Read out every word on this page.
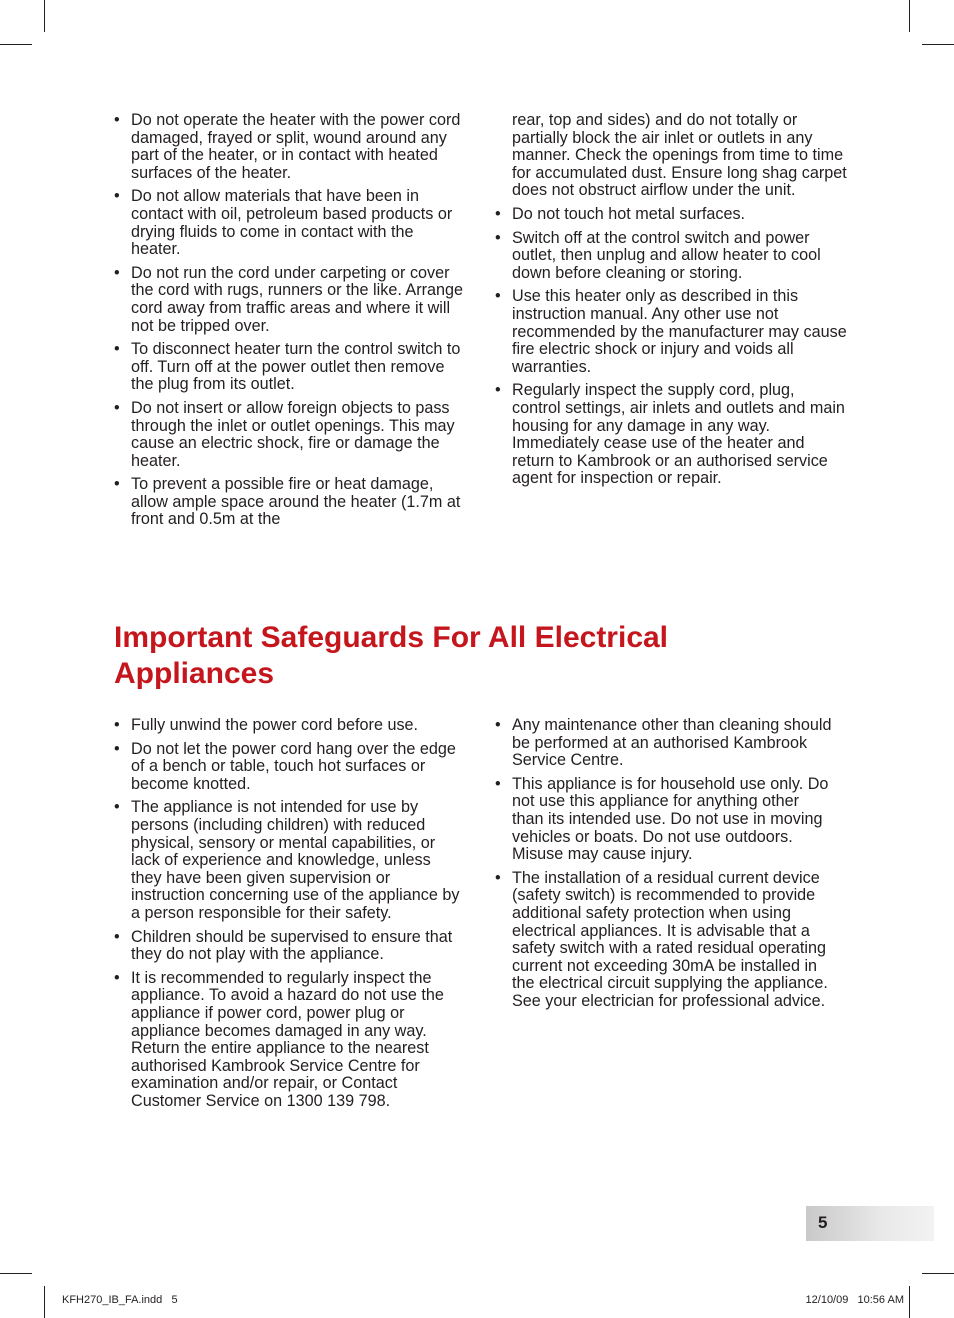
• Do not operate the heater with the power cord damaged, frayed or split, wound around any part of the heater, or in contact with heated surfaces of the heater.
• Do not allow materials that have been in contact with oil, petroleum based products or drying fluids to come in contact with the heater.
• Do not run the cord under carpeting or cover the cord with rugs, runners or the like. Arrange cord away from traffic areas and where it will not be tripped over.
• To disconnect heater turn the control switch to off. Turn off at the power outlet then remove the plug from its outlet.
• Do not insert or allow foreign objects to pass through the inlet or outlet openings. This may cause an electric shock, fire or damage the heater.
• To prevent a possible fire or heat damage, allow ample space around the heater (1.7m at front and 0.5m at the
rear, top and sides) and do not totally or partially block the air inlet or outlets in any manner. Check the openings from time to time for accumulated dust. Ensure long shag carpet does not obstruct airflow under the unit.
• Do not touch hot metal surfaces.
• Switch off at the control switch and power outlet, then unplug and allow heater to cool down before cleaning or storing.
• Use this heater only as described in this instruction manual. Any other use not recommended by the manufacturer may cause fire electric shock or injury and voids all warranties.
• Regularly inspect the supply cord, plug, control settings, air inlets and outlets and main housing for any damage in any way. Immediately cease use of the heater and return to Kambrook or an authorised service agent for inspection or repair.
Important Safeguards For All Electrical Appliances
• Fully unwind the power cord before use.
• Do not let the power cord hang over the edge of a bench or table, touch hot surfaces or become knotted.
• The appliance is not intended for use by persons (including children) with reduced physical, sensory or mental capabilities, or lack of experience and knowledge, unless they have been given supervision or instruction concerning use of the appliance by a person responsible for their safety.
• Children should be supervised to ensure that they do not play with the appliance.
• It is recommended to regularly inspect the appliance. To avoid a hazard do not use the appliance if power cord, power plug or appliance becomes damaged in any way. Return the entire appliance to the nearest authorised Kambrook Service Centre for examination and/or repair, or Contact Customer Service on 1300 139 798.
• Any maintenance other than cleaning should be performed at an authorised Kambrook Service Centre.
• This appliance is for household use only. Do not use this appliance for anything other than its intended use. Do not use in moving vehicles or boats. Do not use outdoors. Misuse may cause injury.
• The installation of a residual current device (safety switch) is recommended to provide additional safety protection when using electrical appliances. It is advisable that a safety switch with a rated residual operating current not exceeding 30mA be installed in the electrical circuit supplying the appliance. See your electrician for professional advice.
5
KFH270_IB_FA.indd   5	12/10/09   10:56 AM
